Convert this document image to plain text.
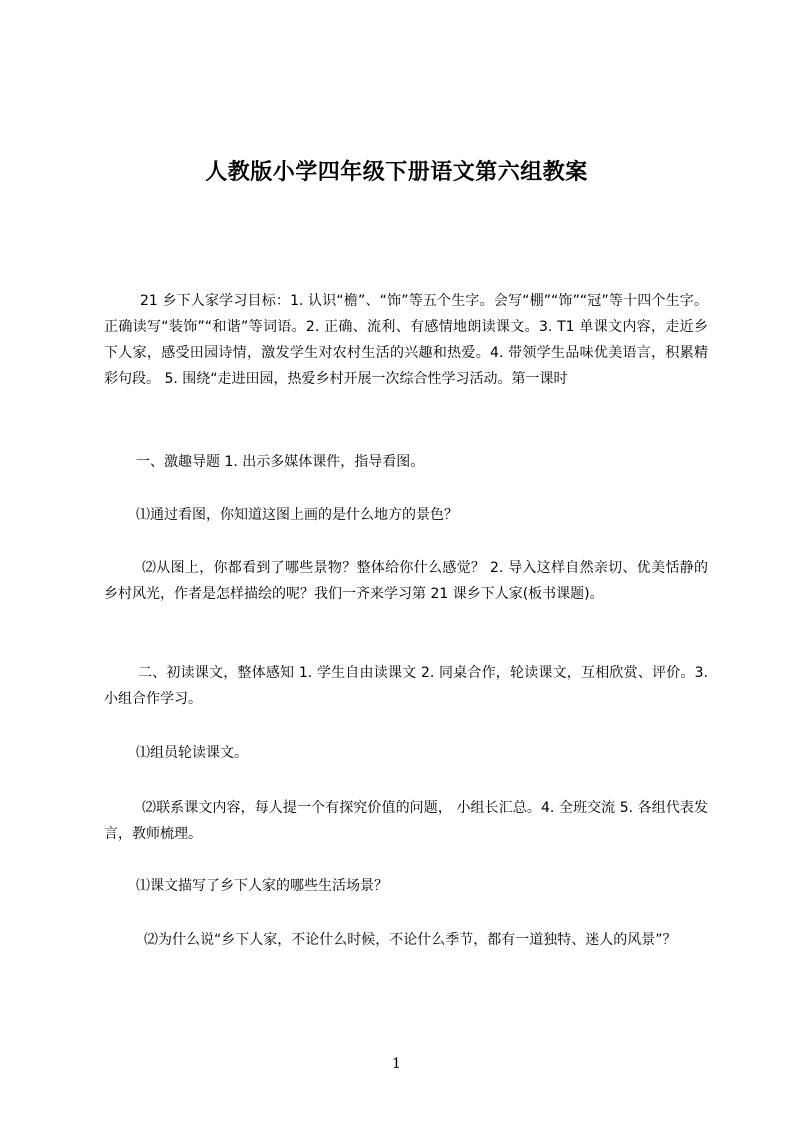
人教版小学四年级下册语文第六组教案

21 乡下人家学习目标：1. 认识“檐”、“饰”等五个生字。会写“棚”“饰”“冠”等十四个生字。正确读写“装饰”“和谐”等词语。2. 正确、流利、有感情地朗读课文。3. T1 单课文内容，走近乡下人家，感受田园诗情，激发学生对农村生活的兴趣和热爱。4. 带领学生品味优美语言，积累精彩句段。 5. 围绕“走进田园，热爱乡村开展一次综合性学习活动。第一课时

一、激趣导题 1. 出示多媒体课件，指导看图。

⑴通过看图，你知道这图上画的是什么地方的景色？

⑵从图上，你都看到了哪些景物？整体给你什么感觉？ 2. 导入这样自然亲切、优美恬静的乡村风光，作者是怎样描绘的呢？我们一齐来学习第 21 课乡下人家(板书课题)。

二、初读课文，整体感知 1. 学生自由读课文 2. 同桌合作，轮读课文，互相欣赏、评价。3. 小组合作学习。

⑴组员轮读课文。

⑵联系课文内容，每人提一个有探究价值的问题， 小组长汇总。4. 全班交流 5. 各组代表发言，教师梳理。

⑴课文描写了乡下人家的哪些生活场景？

⑵为什么说“乡下人家，不论什么时候，不论什么季节，都有一道独特、迷人的风景”？

1
